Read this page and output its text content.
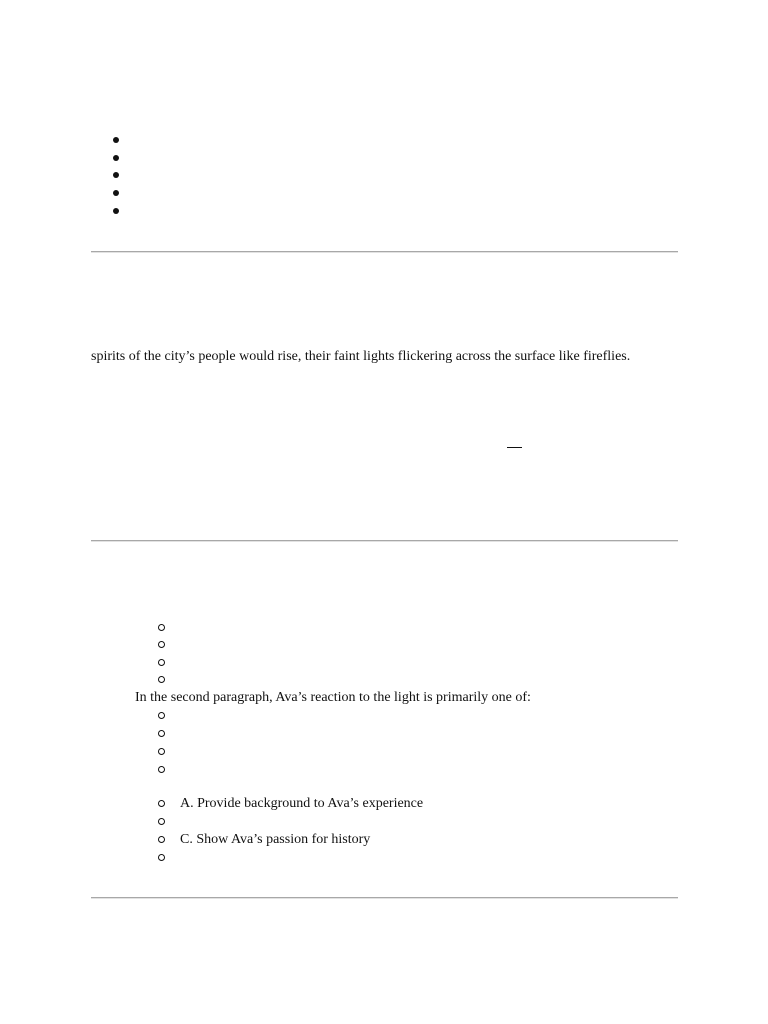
spirits of the city’s people would rise, their faint lights flickering across the surface like fireflies.
In the second paragraph, Ava’s reaction to the light is primarily one of:
A. Provide background to Ava’s experience
C. Show Ava’s passion for history
